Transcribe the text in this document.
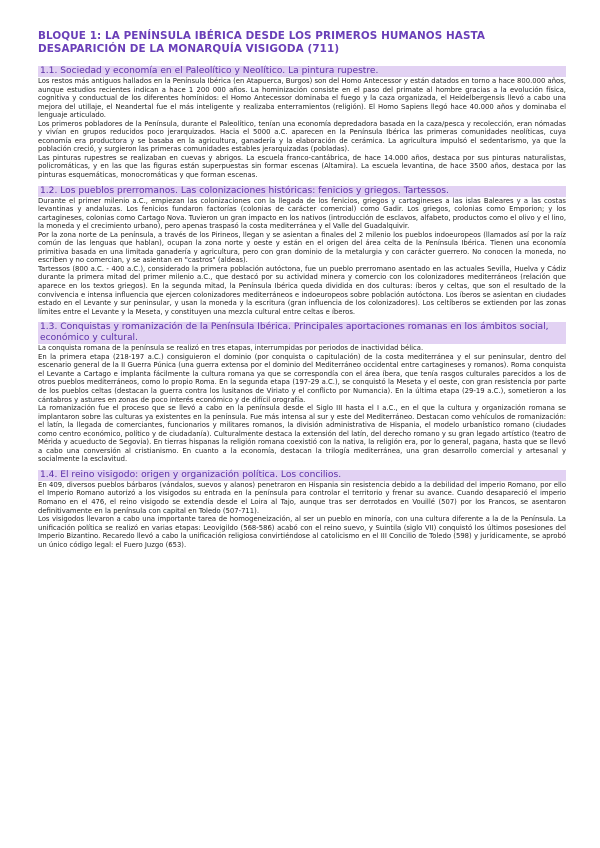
BLOQUE 1: LA PENÍNSULA IBÉRICA DESDE LOS PRIMEROS HUMANOS HASTA DESAPARICIÓN DE LA MONARQUÍA VISIGODA (711)
1.1. Sociedad y economía en el Paleolítico y Neolítico. La pintura rupestre.

Los restos más antiguos hallados en la Península Ibérica (en Atapuerca, Burgos) son del Homo Antecessor y están datados en torno a hace 800.000 años, aunque estudios recientes indican a hace 1 200 000 años. La hominización consiste en el paso del primate al hombre gracias a la evolución física, cognitiva y conductual de los diferentes homínidos: el Homo Antecessor dominaba el fuego y la caza organizada, el Heidelbergensis llevó a cabo una mejora del utillaje, el Neandertal fue el más inteligente y realizaba enterramientos (religión). El Homo Sapiens llegó hace 40.000 años y dominaba el lenguaje articulado.

Los primeros pobladores de la Península, durante el Paleolítico, tenían una economía depredadora basada en la caza/pesca y recolección, eran nómadas y vivían en grupos reducidos poco jerarquizados. Hacia el 5000 a.C. aparecen en la Península Ibérica las primeras comunidades neolíticas, cuya economía era productora y se basaba en la agricultura, ganadería y la elaboración de cerámica. La agricultura impulsó el sedentarismo, ya que la población creció, y surgieron las primeras comunidades estables jerarquizadas (pobladas).

Las pinturas rupestres se realizaban en cuevas y abrigos. La escuela franco-cantábrica, de hace 14.000 años, destaca por sus pinturas naturalistas, policromáticas, y en las que las figuras están superpuestas sin formar escenas (Altamira). La escuela levantina, de hace 3500 años, destaca por las pinturas esquemáticas, monocromáticas y que forman escenas.

1.2. Los pueblos prerromanos. Las colonizaciones históricas: fenicios y griegos. Tartessos.

Durante el primer milenio a.C., empiezan las colonizaciones con la llegada de los fenicios, griegos y cartagineses a las islas Baleares y a las costas levantinas y andaluzas. Los fenicios fundaron factorías (colonias de carácter comercial) como Gadir. Los griegos, colonias como Emporion; y los cartagineses, colonias como Cartago Nova. Tuvieron un gran impacto en los nativos (introducción de esclavos, alfabeto, productos como el olivo y el lino, la moneda y el crecimiento urbano), pero apenas traspasó la costa mediterránea y el Valle del Guadalquivir.

Por la zona norte de La península, a través de los Pirineos, llegan y se asientan a finales del 2 milenio los pueblos indoeuropeos (llamados así por la raíz común de las lenguas que hablan), ocupan la zona norte y oeste y están en el origen del área celta de la Península Ibérica. Tienen una economía primitiva basada en una limitada ganadería y agricultura, pero con gran dominio de la metalurgia y con carácter guerrero. No conocen la moneda, no escriben y no comercian, y se asientan en "castros" (aldeas).

Tartessos (800 a.C. - 400 a.C.), considerado la primera población autóctona, fue un pueblo prerromano asentado en las actuales Sevilla, Huelva y Cádiz durante la primera mitad del primer milenio a.C., que destacó por su actividad minera y comercio con los colonizadores mediterráneos (relación que aparece en los textos griegos). En la segunda mitad, la Península Ibérica queda dividida en dos culturas: íberos y celtas, que son el resultado de la convivencia e intensa influencia que ejercen colonizadores mediterráneos e indoeuropeos sobre población autóctona. Los íberos se asientan en ciudades estado en el Levante y sur peninsular, y usan la moneda y la escritura (gran influencia de los colonizadores). Los celtíberos se extienden por las zonas límites entre el Levante y la Meseta, y constituyen una mezcla cultural entre celtas e íberos.

1.3. Conquistas y romanización de la Península Ibérica. Principales aportaciones romanas en los ámbitos social, económico y cultural.

La conquista romana de la península se realizó en tres etapas, interrumpidas por periodos de inactividad bélica.

En la primera etapa (218-197 a.C.) consiguieron el dominio (por conquista o capitulación) de la costa mediterránea y el sur peninsular, dentro del escenario general de la II Guerra Púnica (una guerra extensa por el dominio del Mediterráneo occidental entre cartagineses y romanos). Roma conquista el Levante a Cartago e implanta fácilmente la cultura romana ya que se correspondía con el área íbera, que tenía rasgos culturales parecidos a los de otros pueblos mediterráneos, como lo propio Roma. En la segunda etapa (197-29 a.C.), se conquistó la Meseta y el oeste, con gran resistencia por parte de los pueblos celtas (destacan la guerra contra los lusitanos de Viriato y el conflicto por Numancia). En la última etapa (29-19 a.C.), sometieron a los cántabros y astures en zonas de poco interés económico y de difícil orografía.

La romanización fue el proceso que se llevó a cabo en la península desde el Siglo III hasta el I a.C., en el que la cultura y organización romana se implantaron sobre las culturas ya existentes en la península. Fue más intensa al sur y este del Mediterráneo. Destacan como vehículos de romanización: el latín, la llegada de comerciantes, funcionarios y militares romanos, la división administrativa de Hispania, el modelo urbanístico romano (ciudades como centro económico, político y de ciudadanía). Culturalmente destaca la extensión del latín, del derecho romano y su gran legado artístico (teatro de Mérida y acueducto de Segovia). En tierras hispanas la religión romana coexistió con la nativa, la religión era, por lo general, pagana, hasta que se llevó a cabo una conversión al cristianismo. En cuanto a la economía, destacan la trilogía mediterránea, una gran desarrollo comercial y artesanal y socialmente la esclavitud.

1.4. El reino visigodo: origen y organización política. Los concilios.

En 409, diversos pueblos bárbaros (vándalos, suevos y alanos) penetraron en Hispania sin resistencia debido a la debilidad del imperio Romano, por ello el Imperio Romano autorizó a los visigodos su entrada en la península para controlar el territorio y frenar su avance. Cuando desapareció el imperio Romano en el 476, el reino visigodo se extendía desde el Loira al Tajo, aunque tras ser derrotados en Vouillé (507) por los Francos, se asentaron definitivamente en la península con capital en Toledo (507-711).

Los visigodos llevaron a cabo una importante tarea de homogeneización, al ser un pueblo en minoría, con una cultura diferente a la de la Península. La unificación política se realizó en varias etapas: Leovigildo (568-586) acabó con el reino suevo, y Suintila (siglo VII) conquistó los últimos posesiones del Imperio Bizantino. Recaredo llevó a cabo la unificación religiosa convirtiéndose al catolicismo en el III Concilio de Toledo (598) y jurídicamente, se aprobó un único código legal: el Fuero Juzgo (653).
